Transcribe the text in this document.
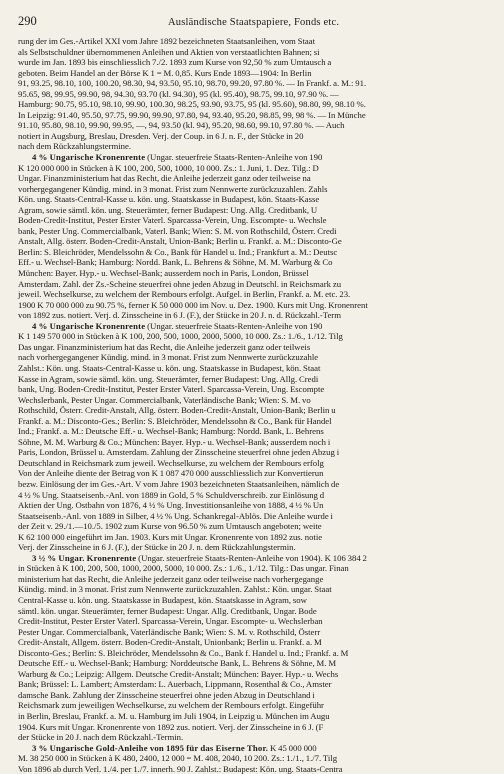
290	Ausländische Staatspapiere, Fonds etc.
rung der im Ges.-Artikel XXI vom Jahre 1892 bezeichneten Staatsanleihen, vom Staat
als Selbstschuldner übernommenen Anleihen und Aktien von verstaatlichten Bahnen; si
wurde im Jan. 1893 bis einschliesslich 7./2. 1893 zum Kurse von 92,50 % zum Umtausch a
geboten. Beim Handel an der Börse K 1 = M. 0,85. Kurs Ende 1893—1904: In Berlin
91, 93.25, 98.10, 100, 100.20, 98.30, 94, 93.50, 95.10, 98.70, 99.20, 97.80 %. — In Frankf. a. M.: 91.
95.65, 98, 99.95, 99.90, 98, 94.30, 93.70 (kl. 94.30), 95 (kl. 95.40), 98.75, 99.10, 97.90 %. —
Hamburg: 90.75, 95.10, 98.10, 99.90, 100.30, 98.25, 93.90, 93.75, 95 (kl. 95.60), 98.80, 99, 98.10 %.
In Leipzig: 91.40, 95.50, 97.75, 99.90, 99.90, 97.80, 94, 93.40, 95.20, 98.85, 99, 98 %. — In Münche
91.10, 95.80, 98.10, 99.90, 99.95, —, 94, 93.50 (kl. 94), 95.20, 98.60, 99.10, 97.80 %. — Auch
notiert in Augsburg, Breslau, Dresden. Verj. der Coup. in 6 J. n. F., der Stücke in 20
nach dem Rückzahlungstermine.
4 % Ungarische Kronenrente (Ungar. steuerfreie Staats-Renten-Anleihe von 190
K 120 000 000 in Stücken à K 100, 200, 500, 1000, 10 000. Zs.: 1. Juni, 1. Dez. Tilg.: D
Ungar. Finanzministerium hat das Recht, die Anleihe jederzeit ganz oder teilweise na
vorhergegangener Kündig. mind. in 3 monat. Frist zum Nennwerte zurückzuzahlen. Zahls
Kön. ung. Staats-Central-Kasse u. kön. ung. Staatskasse in Budapest, kön. Staats-Kasse
Agram, sowie sämtl. kön. ung. Steuerämter, ferner Budapest: Ung. Allg. Creditbank, U
Boden-Credit-Institut, Pester Erster Vaterl. Sparcassa-Verein, Ung. Escompte- u. Wechsle
bank, Pester Ung. Commercialbank, Vaterl. Bank; Wien: S. M. von Rothschild, Österr. Credi
Anstalt, Allg. österr. Boden-Credit-Anstalt, Union-Bank; Berlin u. Frankf. a. M.: Disconto-Ge
Berlin: S. Bleichröder, Mendelssohn & Co., Bank für Handel u. Ind.; Frankfurt a. M.: Deutsc
Eff.- u. Wechsel-Bank; Hamburg: Nordd. Bank, L. Behrens & Söhne, M. M. Warburg & Co
München: Bayer. Hyp.- u. Wechsel-Bank; ausserdem noch in Paris, London, Brüssel
Amsterdam. Zahl. der Zs.-Scheine steuerfrei ohne jeden Abzug in Deutschl. in Reichsmark zu
jeweil. Wechselkurse, zu welchem der Rembours erfolgt. Aufgel. in Berlin, Frankf. a. M. etc. 23.
1900 K 70 000 000 zu 90.75 %, ferner K 50 000 000 im Nov. u. Dez. 1900. Kurs mit Ung. Kronenrent
von 1892 zus. notiert. Verj. d. Zinsscheine in 6 J. (F.), der Stücke in 20 J. n. d. Rückzahl.-Term
4 % Ungarische Kronenrente (Ungar. steuerfreie Staats-Renten-Anleihe von 190
K 1 149 570 000 in Stücken à K 100, 200, 500, 1000, 2000, 5000, 10 000. Zs.: 1./6., 1./12. Tilg
Das ungar. Finanzministerium hat das Recht, die Anleihe jederzeit ganz oder teilweis
nach vorhergegangener Kündig. mind. in 3 monat. Frist zum Nennwerte zurückzuzahle
Zahlst.: Kön. ung. Staats-Central-Kasse u. kön. ung. Staatskasse in Budapest, kön. Staat
Kasse in Agram, sowie sämtl. kön. ung. Steuerämter, ferner Budapest: Ung. Allg. Credi
bank, Ung. Boden-Credit-Institut, Pester Erster Vaterl. Sparcassa-Verein, Ung. Escompte
Wechslerbank, Pester Ungar. Commercialbank, Vaterländische Bank; Wien: S. M. vo
Rothschild, Österr. Credit-Anstalt, Allg. österr. Boden-Credit-Anstalt, Union-Bank; Berlin u
Frankf. a. M.: Disconto-Ges.; Berlin: S. Bleichröder, Mendelssohn & Co., Bank für Handel
Ind.; Frankf. a. M.: Deutsche Eff.- u. Wechsel-Bank; Hamburg: Nordd. Bank, L. Behrens
Söhne, M. M. Warburg & Co.; München: Bayer. Hyp.- u. Wechsel-Bank; ausserdem noch i
Paris, London, Brüssel u. Amsterdam. Zahlung der Zinsscheine steuerfrei ohne jeden Abzug i
Deutschland in Reichsmark zum jeweil. Wechselkurse, zu welchem der Rembours erfolg
Von der Anleihe diente der Betrag von K 1 087 470 000 ausschliesslich zur Konvertierun
bezw. Einlösung der im Ges.-Art. V vom Jahre 1903 bezeichneten Staatsanleihen, nämlich de
4 ½ % Ung. Staatseisenb.-Anl. von 1889 in Gold, 5 % Schuldverschreib. zur Einlösung d
Aktien der Ung. Ostbahn von 1876, 4 ½ % Ung. Investitionsanleihe von 1888, 4 ½ % Un
Staatseisenb.-Anl. von 1889 in Silber, 4 ½ % Ung. Schankregal-Ablös. Die Anleihe wurde i
der Zeit v. 29./1.—10./5. 1902 zum Kurse von 96.50 % zum Umtausch angeboten; weite
K 62 100 000 eingeführt im Jan. 1903. Kurs mit Ungar. Kronenrente von 1892 zus. notie
Verj. der Zinsscheine in 6 J. (F.), der Stücke in 20 J. n. dem Rückzahlungstermin.
3 ½ % Ungar. Kronenrente (Ungar. steuerfreie Staats-Renten-Anleihe von 1904). K 106 384 2
in Stücken à K 100, 200, 500, 1000, 2000, 5000, 10 000. Zs.: 1./6., 1./12. Tilg.: Das ungar. Finan
ministerium hat das Recht, die Anleihe jederzeit ganz oder teilweise nach vorhergegange
Kündig. mind. in 3 monat. Frist zum Nennwerte zurückzuzahlen. Zahlst.: Kön. ungar. Staat
Central-Kasse u. kön. ung. Staatskasse in Budapest, kön. Staatskasse in Agram, sow
sämtl. kön. ungar. Steuerämter, ferner Budapest: Ungar. Allg. Creditbank, Ungar. Bode
Credit-Institut, Pester Erster Vaterl. Sparcassa-Verein, Ungar. Escompte- u. Wechslerban
Pester Ungar. Commercialbank, Vaterländische Bank; Wien: S. M. v. Rothschild, Österr
Credit-Anstalt, Allgem. österr. Boden-Credit-Anstalt, Unionbank; Berlin u. Frankf. a. M
Disconto-Ges.; Berlin: S. Bleichröder, Mendelssohn & Co., Bank f. Handel u. Ind.; Frankf. a. M
Deutsche Eff.- u. Wechsel-Bank; Hamburg: Norddeutsche Bank, L. Behrens & Söhne, M. M
Warburg & Co.; Leipzig: Allgem. Deutsche Credit-Anstalt; München: Bayer. Hyp.- u. Wechs
Bank; Brüssel: L. Lambert; Amsterdam: L. Auerbach, Lippmann, Rosenthal & Co., Amster
damsche Bank. Zahlung der Zinsscheine steuerfrei ohne jeden Abzug in Deutschland i
Reichsmark zum jeweiligen Wechselkurse, zu welchem der Rembours erfolgt. Eingeführ
in Berlin, Breslau, Frankf. a. M. u. Hamburg im Juli 1904, in Leipzig u. München im Augu
1904. Kurs mit Ungar. Kronenrente von 1892 zus. notiert. Verj. der Zinsscheine in 6 J. (F
der Stücke in 20 J. nach dem Rückzahl.-Termin.
3 % Ungarische Gold-Anleihe von 1895 für das Eiserne Thor. K 45 000 000
M. 38 250 000 in Stücken à K 480, 2400, 12 000 = M. 408, 2040, 10 200. Zs.: 1./1., 1./7. Tilg
Von 1896 ab durch Verl. 1./4. per 1./7. innerh. 90 J. Zahlst.: Budapest: Kön. ung. Staats-Centra
